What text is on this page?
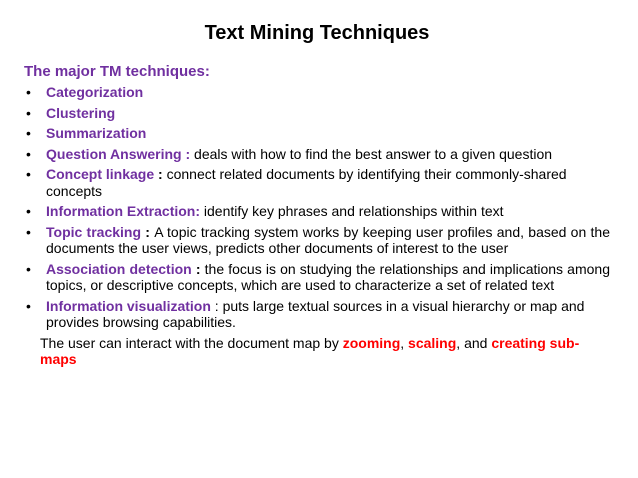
Text Mining Techniques
The major TM techniques:
• Categorization
• Clustering
• Summarization
• Question Answering : deals with how to find the best answer to a given question
• Concept linkage : connect related documents by identifying their commonly-shared concepts
• Information Extraction: identify key phrases and relationships within text
• Topic tracking : A topic tracking system works by keeping user profiles and, based on the documents the user views, predicts other documents of interest to the user
• Association detection : the focus is on studying the relationships and implications among topics, or descriptive concepts, which are used to characterize a set of related text
• Information visualization : puts large textual sources in a visual hierarchy or map and provides browsing capabilities.
The user can interact with the document map by zooming, scaling, and creating sub-maps
